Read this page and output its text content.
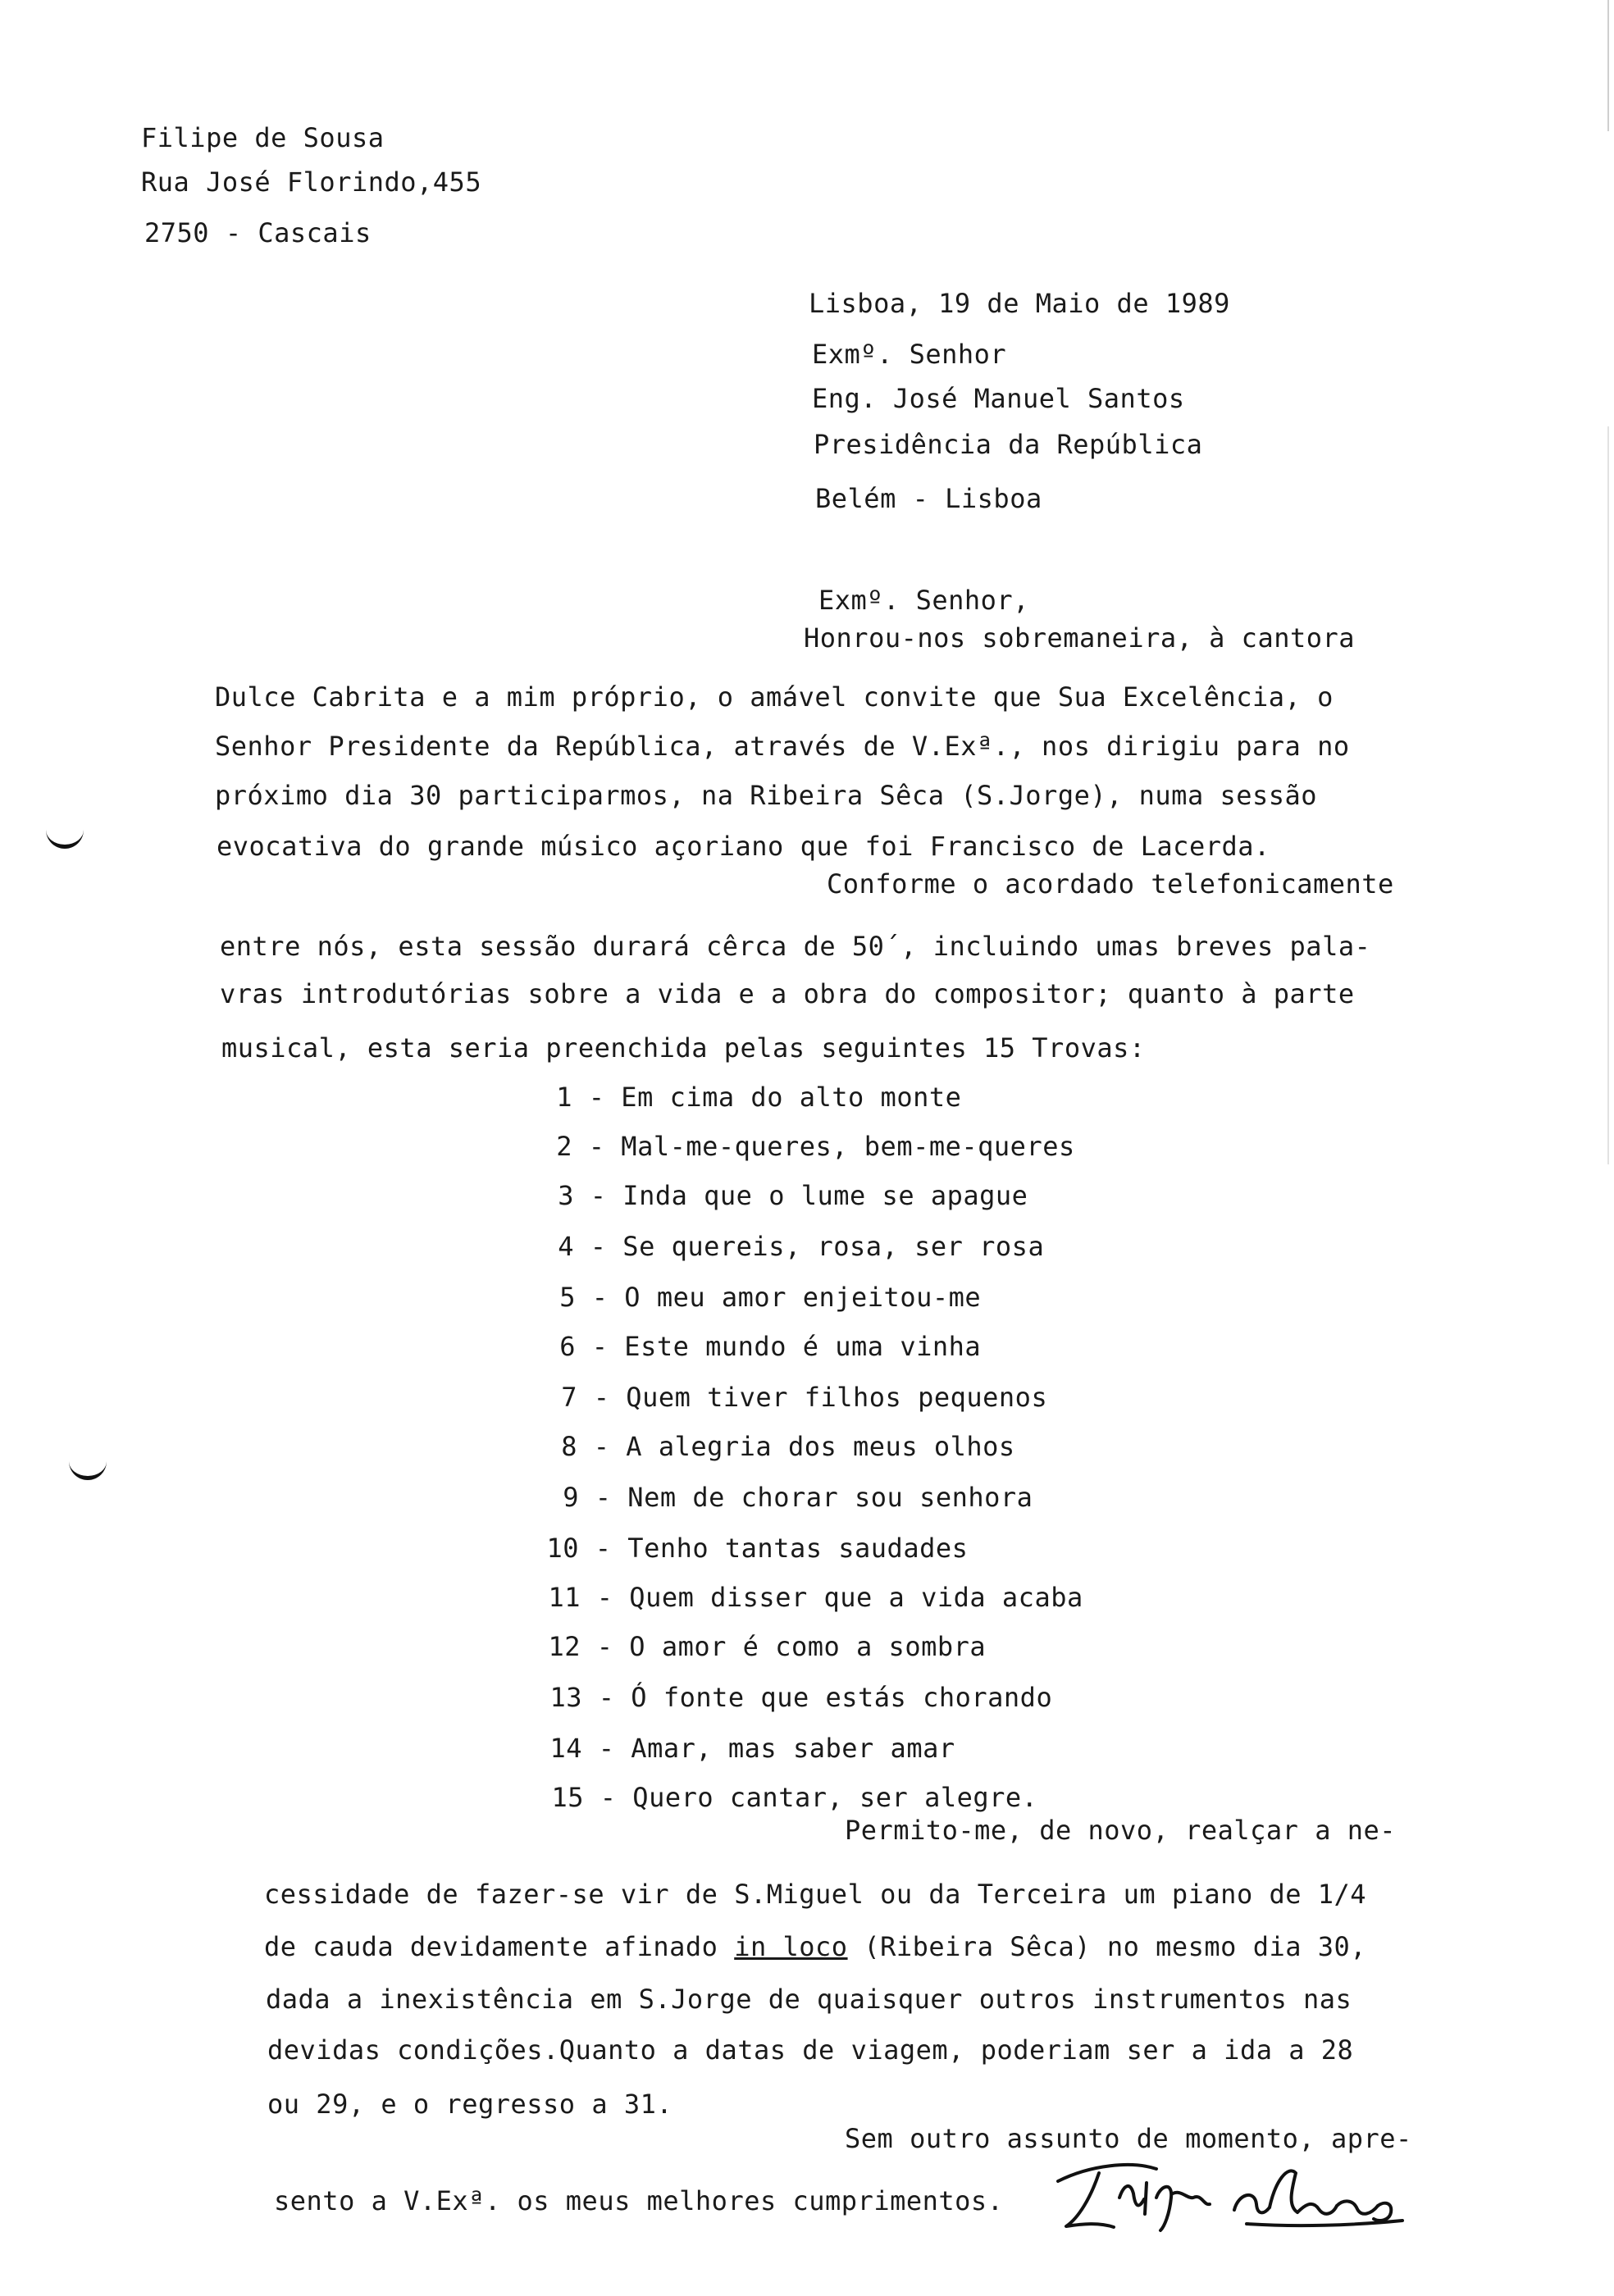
Filipe de Sousa
Rua José Florindo,455
2750 - Cascais
Lisboa, 19 de Maio de 1989
Exmº. Senhor
Eng. José Manuel Santos
Presidência da República
Belém - Lisboa
Exmº. Senhor,
Honrou-nos sobremaneira, à cantora
Dulce Cabrita e a mim próprio, o amável convite que Sua Excelência, o
Senhor Presidente da República, através de V.Exª., nos dirigiu para no
próximo dia 30 participarmos, na Ribeira Sêca (S.Jorge), numa sessão
evocativa do grande músico açoriano que foi Francisco de Lacerda.
Conforme o acordado telefonicamente
entre nós, esta sessão durará cêrca de 50´, incluindo umas breves pala-
vras introdutórias sobre a vida e a obra do compositor; quanto à parte
musical, esta seria preenchida pelas seguintes 15 Trovas:
1 - Em cima do alto monte
2 - Mal-me-queres, bem-me-queres
3 - Inda que o lume se apague
4 - Se quereis, rosa, ser rosa
5 - O meu amor enjeitou-me
6 - Este mundo é uma vinha
7 - Quem tiver filhos pequenos
8 - A alegria dos meus olhos
9 - Nem de chorar sou senhora
10 - Tenho tantas saudades
11 - Quem disser que a vida acaba
12 - O amor é como a sombra
13 - Ó fonte que estás chorando
14 - Amar, mas saber amar
15 - Quero cantar, ser alegre.
Permito-me, de novo, realçar a ne-
cessidade de fazer-se vir de S.Miguel ou da Terceira um piano de 1/4
de cauda devidamente afinado in loco (Ribeira Sêca) no mesmo dia 30,
dada a inexistência em S.Jorge de quaisquer outros instrumentos nas
devidas condições.Quanto a datas de viagem, poderiam ser a ida a 28
ou 29, e o regresso a 31.
Sem outro assunto de momento, apre-
sento a V.Exª. os meus melhores cumprimentos.
